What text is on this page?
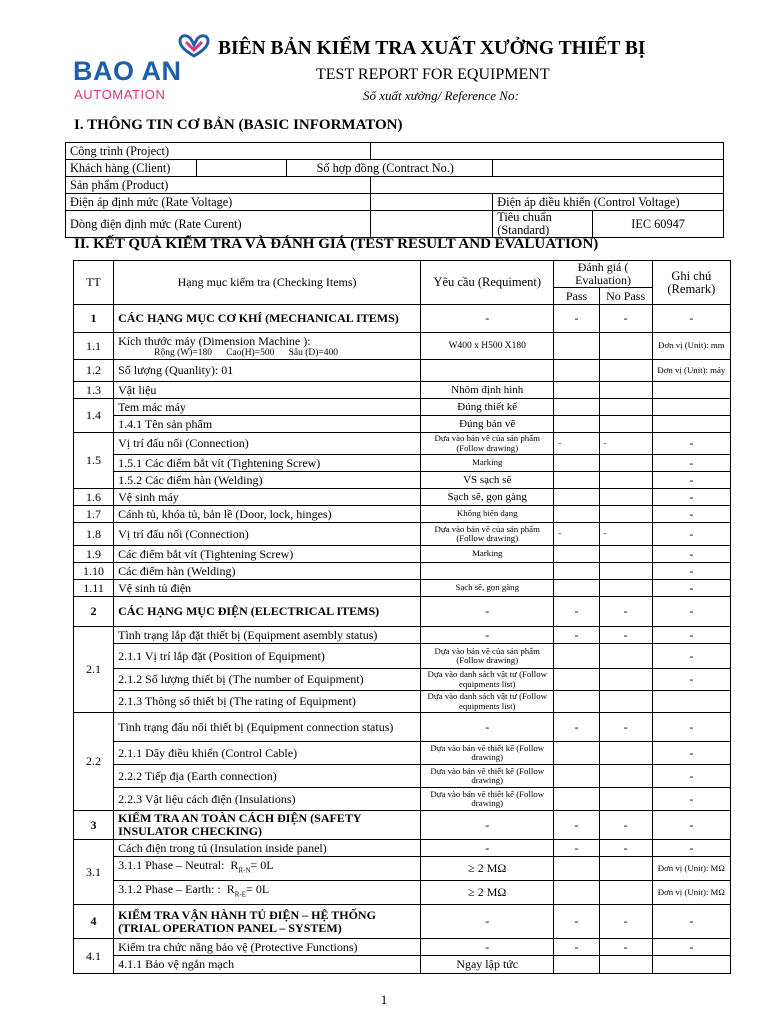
BAO AN
AUTOMATION
BIÊN BẢN KIỂM TRA XUẤT XƯỞNG THIẾT BỊ
TEST REPORT FOR EQUIPMENT
Số xuất xưởng/ Reference No:
I. THÔNG TIN CƠ BẢN (BASIC INFORMATON)
Công trình (Project)					
Khách hàng (Client)		Số hợp đồng (Contract No.)			
Sản phẩm (Product)					
Điện áp định mức (Rate Voltage)				Điện áp điều khiển (Control Voltage)	
Dòng điện định mức (Rate Curent)				Tiêu chuẩn (Standard)	IEC 60947
II. KẾT QUẢ KIỂM TRA VÀ ĐÁNH GIÁ (TEST RESULT AND EVALUATION)
TT	Hạng mục kiểm tra (Checking Items)	Yêu cầu (Requiment)	Đánh giá ( Evaluation)		Ghi chú (Remark)
			Pass	No Pass	
1	CÁC HẠNG MỤC CƠ KHÍ (MECHANICAL ITEMS)	-	-	-	-
1.1	Kích thước máy (Dimension Machine ):
Rộng (W)=180      Cao(H)=500      Sâu (D)=400	W400 x H500 X180			Đơn vị (Unit): mm
1.2	Số lượng (Quanlity): 01				Đơn vị (Unit): máy
1.3	Vật liệu	Nhôm định hình			
1.4	Tem mác máy	Đúng thiết kế			
	1.4.1 Tên sản phẩm	Đúng bản vẽ			
1.5	Vị trí đấu nối (Connection)	Dựa vào bản vẽ của sản phẩm (Follow drawing)	-	-	-
	1.5.1 Các điểm bắt vít (Tightening Screw)	Marking			-
	1.5.2 Các điểm hàn (Welding)	VS sạch sẽ			-
1.6	Vệ sinh máy	Sạch sẽ, gọn gàng			-
1.7	Cánh tủ, khóa tủ, bản lề (Door, lock, hinges)	Không biến dạng			-
1.8	Vị trí đấu nối (Connection)	Dựa vào bản vẽ của sản phẩm (Follow drawing)	-	-	-
1.9	Các điểm bắt vít (Tightening Screw)	Marking			-
1.10	Các điểm hàn (Welding)				-
1.11	Vệ sinh tủ điện	Sạch sẽ, gọn gàng			-
2	CÁC HẠNG MỤC ĐIỆN (ELECTRICAL ITEMS)	-	-	-	-
2.1	Tình trạng lắp đặt thiết bị (Equipment asembly status)	-	-	-	-
	2.1.1 Vị trí lắp đặt (Position of Equipment)	Dựa vào bản vẽ của sản phẩm (Follow drawing)			-
	2.1.2 Số lượng thiết bị (The number of Equipment)	Dựa vào danh sách vật tư (Follow equipments list)			-
	2.1.3 Thông số thiết bị (The rating of Equipment)	Dựa vào danh sách vật tư (Follow equipments list)			
2.2	Tình trạng đấu nối thiết bị (Equipment connection status)	-	-	-	-
	2.1.1 Dây điều khiển (Control Cable)	Dựa vào bản vẽ thiết kế (Follow drawing)			-
	2.2.2 Tiếp địa (Earth connection)	Dựa vào bản vẽ thiết kế (Follow drawing)			-
	2.2.3 Vật liệu cách điện (Insulations)	Dựa vào bản vẽ thiết kế (Follow drawing)			-
3	KIỂM TRA AN TOÀN CÁCH ĐIỆN (SAFETY INSULATOR CHECKING)	-	-	-	-
3.1	Cách điện trong tủ (Insulation inside panel)	-	-	-	-
	3.1.1 Phase – Neutral: $R_{R-N}= 0L$	≥ 2 MΩ			Đơn vị (Unit): MΩ
	3.1.2 Phase – Earth: : $R_{R-E}= 0L$	≥ 2 MΩ			Đơn vị (Unit): MΩ
4	KIỂM TRA VẬN HÀNH TỦ ĐIỆN – HỆ THỐNG (TRIAL OPERATION PANEL – SYSTEM)	-	-	-	-
4.1	Kiểm tra chức năng bảo vệ (Protective Functions)	-	-	-	-
	4.1.1 Bảo vệ ngắn mạch	Ngay lập tức			
1
